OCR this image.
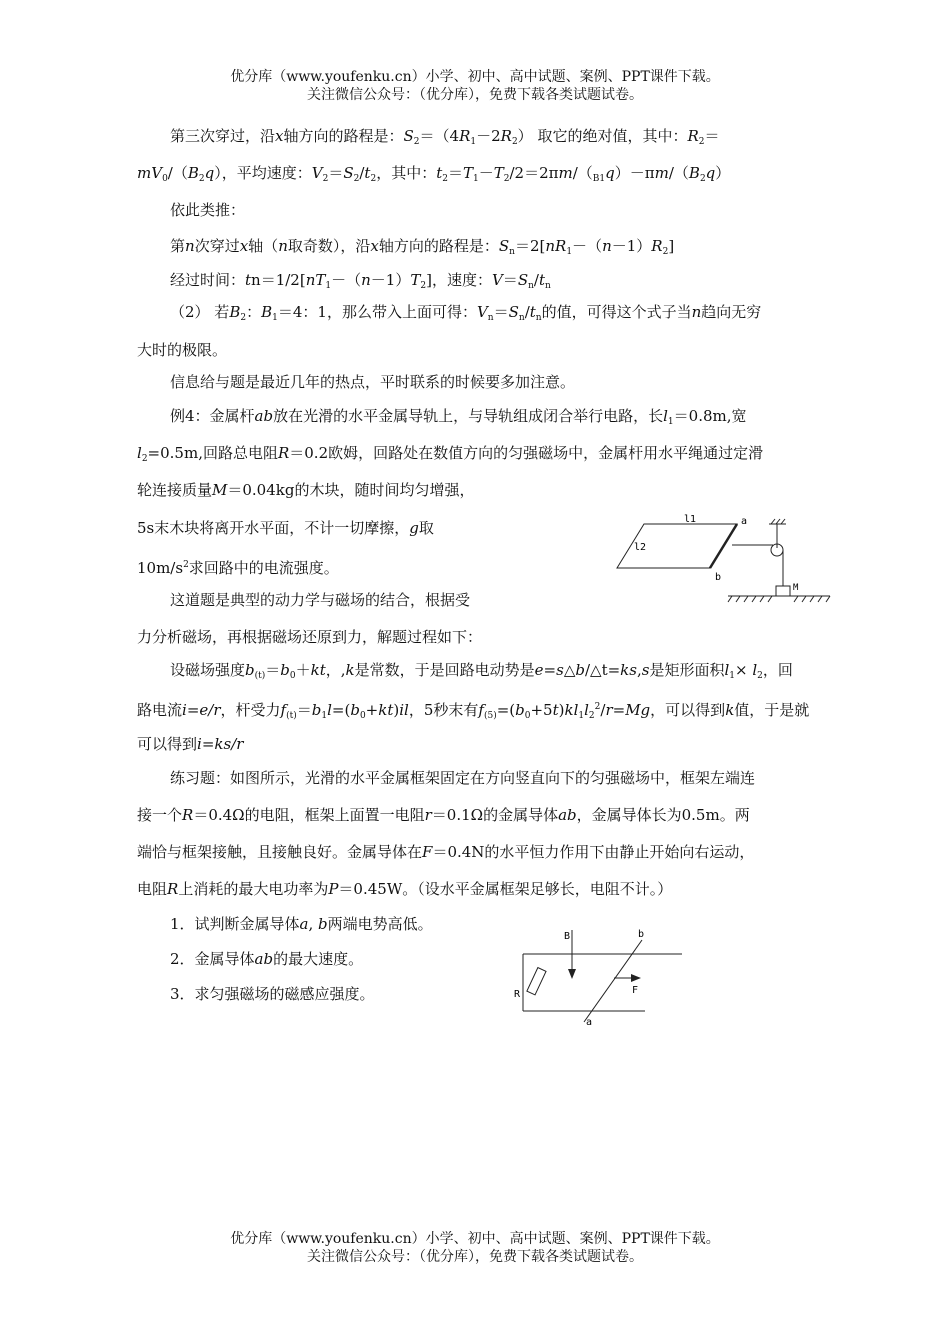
优分库（www.youfenku.cn）小学、初中、高中试题、案例、PPT课件下载。
关注微信公众号：（优分库），免费下载各类试题试卷。
第三次穿过，沿x轴方向的路程是：$S_2=(4R_1-2R_2)$ 取它的绝对值，其中：$R_2=$
$mV_0/(B_2q)$，平均速度：$V_2=S_2/t_2$，其中：$t_2=T_1-T_2/2=2\pi m/(_{B1}q)-\pi m/(B_2q)$
依此类推：
第n次穿过x轴（n取奇数），沿x轴方向的路程是：$S_n=2[nR_1-(n-1)R_2]$
经过时间：$tn=1/2[nT_1-(n-1)T_2]$，速度：$V=S_n/t_n$
（2） 若$B_2$：$B_1=4$：1，那么带入上面可得：$V_n=S_n/t_n$的值，可得这个式子当n趋向无穷
大时的极限。
信息给与题是最近几年的热点，平时联系的时候要多加注意。
例4：金属杆ab放在光滑的水平金属导轨上，与导轨组成闭合举行电路，长$l_1=0.8m$,宽
$l_2=0.5m$,回路总电阻R＝0.2欧姆，回路处在数值方向的匀强磁场中，金属杆用水平绳通过定滑
轮连接质量M＝0.04kg的木块，随时间均匀增强，
5s末木块将离开水平面，不计一切摩擦，g取
$10m/s^2$求回路中的电流强度。
l1
l2
a
b
M
这道题是典型的动力学与磁场的结合，根据受
力分析磁场，再根据磁场还原到力，解题过程如下：
设磁场强度$b_{(t)}=b_0+kt$，,k是常数，于是回路电动势是e=s△b/△t=ks,s是矩形面积$l_1\times l_2$，回
路电流i=e/r，杆受力$f_{(t)}=b_1l=(b_0+kt)il$，5秒末有$f_{(5)}=(b_0+5t)kl_1l_2^2/r=Mg$，可以得到k值，于是就
可以得到i=ks/r
练习题：如图所示，光滑的水平金属框架固定在方向竖直向下的匀强磁场中，框架左端连
接一个R＝0.4Ω的电阻，框架上面置一电阻r＝0.1Ω的金属导体ab，金属导体长为0.5m。两
端恰与框架接触，且接触良好。金属导体在F＝0.4N的水平恒力作用下由静止开始向右运动，
电阻R上消耗的最大电功率为P＝0.45W。（设水平金属框架足够长，电阻不计。）
1．试判断金属导体a, b两端电势高低。
2．金属导体ab的最大速度。
3．求匀强磁场的磁感应强度。	R
b
a
B
F
优分库（www.youfenku.cn）小学、初中、高中试题、案例、PPT课件下载。
关注微信公众号：（优分库），免费下载各类试题试卷。
